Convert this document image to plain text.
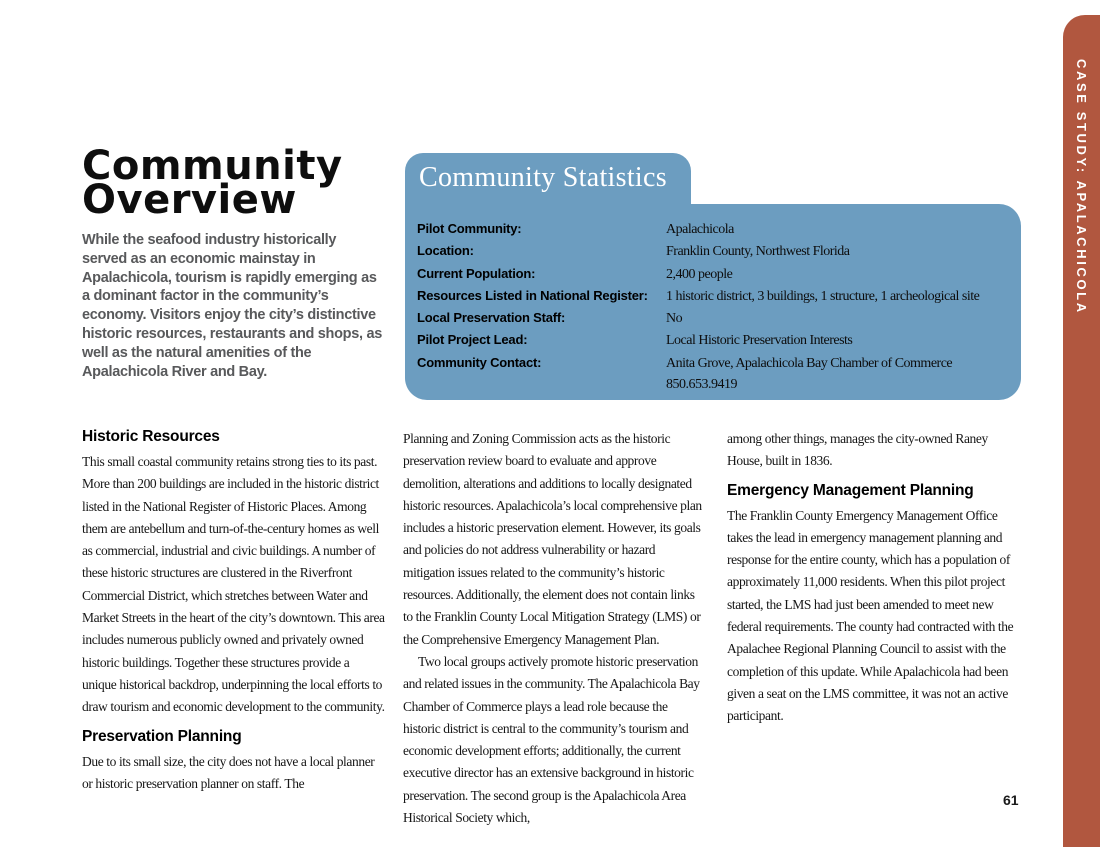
CASE STUDY: APALACHICOLA
Community
Overview
While the seafood industry historically served as an economic mainstay in Apalachicola, tourism is rapidly emerging as a dominant factor in the community’s economy. Visitors enjoy the city’s distinctive historic resources, restaurants and shops, as well as the natural amenities of the Apalachicola River and Bay.
Community Statistics
Pilot Community:	Apalachicola
Location:	Franklin County, Northwest Florida
Current Population:	2,400 people
Resources Listed in National Register:	1 historic district, 3 buildings, 1 structure, 1 archeological site
Local Preservation Staff:	No
Pilot Project Lead:	Local Historic Preservation Interests
Community Contact:	Anita Grove, Apalachicola Bay Chamber of Commerce
850.653.9419
Historic Resources

This small coastal community retains strong ties to its past. More than 200 buildings are included in the historic district listed in the National Register of Historic Places. Among them are antebellum and turn-of-the-century homes as well as commercial, industrial and civic buildings. A number of these historic structures are clustered in the Riverfront Commercial District, which stretches between Water and Market Streets in the heart of the city’s downtown. This area includes numerous publicly owned and privately owned historic buildings. Together these structures provide a unique historical backdrop, underpinning the local efforts to draw tourism and economic development to the community.

Preservation Planning

Due to its small size, the city does not have a local planner or historic preservation planner on staff. The

Planning and Zoning Commission acts as the historic preservation review board to evaluate and approve demolition, alterations and additions to locally designated historic resources. Apalachicola’s local comprehensive plan includes a historic preservation element. However, its goals and policies do not address vulnerability or hazard mitigation issues related to the community’s historic resources. Additionally, the element does not contain links to the Franklin County Local Mitigation Strategy (LMS) or the Comprehensive Emergency Management Plan.

Two local groups actively promote historic preservation and related issues in the community. The Apalachicola Bay Chamber of Commerce plays a lead role because the historic district is central to the community’s tourism and economic development efforts; additionally, the current executive director has an extensive background in historic preservation. The second group is the Apalachicola Area Historical Society which,

among other things, manages the city-owned Raney House, built in 1836.

Emergency Management Planning

The Franklin County Emergency Management Office takes the lead in emergency management planning and response for the entire county, which has a population of approximately 11,000 residents. When this pilot project started, the LMS had just been amended to meet new federal requirements. The county had contracted with the Apalachee Regional Planning Council to assist with the completion of this update. While Apalachicola had been given a seat on the LMS committee, it was not an active participant.

61
